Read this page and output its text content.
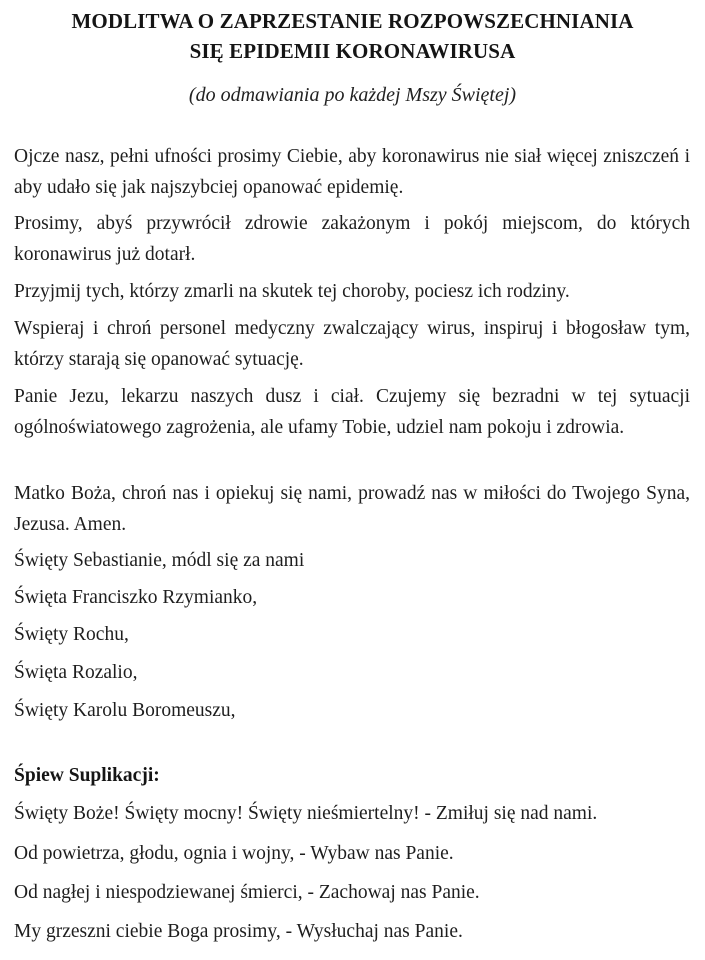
MODLITWA O ZAPRZESTANIE ROZPOWSZECHNIANIA
SIĘ EPIDEMII KORONAWIRUSA
(do odmawiania po każdej Mszy Świętej)
Ojcze nasz, pełni ufności prosimy Ciebie, aby koronawirus nie siał więcej zniszczeń i aby udało się jak najszybciej opanować epidemię.
Prosimy, abyś przywrócił zdrowie zakażonym i pokój miejscom, do których koronawirus już dotarł.
Przyjmij tych, którzy zmarli na skutek tej choroby, pociesz ich rodziny.
Wspieraj i chroń personel medyczny zwalczający wirus, inspiruj i błogosław tym, którzy starają się opanować sytuację.
Panie Jezu, lekarzu naszych dusz i ciał. Czujemy się bezradni w tej sytuacji ogólnoświatowego zagrożenia, ale ufamy Tobie, udziel nam pokoju i zdrowia.
Matko Boża, chroń nas i opiekuj się nami, prowadź nas w miłości do Twojego Syna, Jezusa. Amen.
Święty Sebastianie, módl się za nami
Święta Franciszko Rzymianko,
Święty Rochu,
Święta Rozalio,
Święty Karolu Boromeuszu,
Śpiew Suplikacji:
Święty Boże! Święty mocny! Święty nieśmiertelny! - Zmiłuj się nad nami.
Od powietrza, głodu, ognia i wojny, - Wybaw nas Panie.
Od nagłej i niespodziewanej śmierci, - Zachowaj nas Panie.
My grzeszni ciebie Boga prosimy, - Wysłuchaj nas Panie.
